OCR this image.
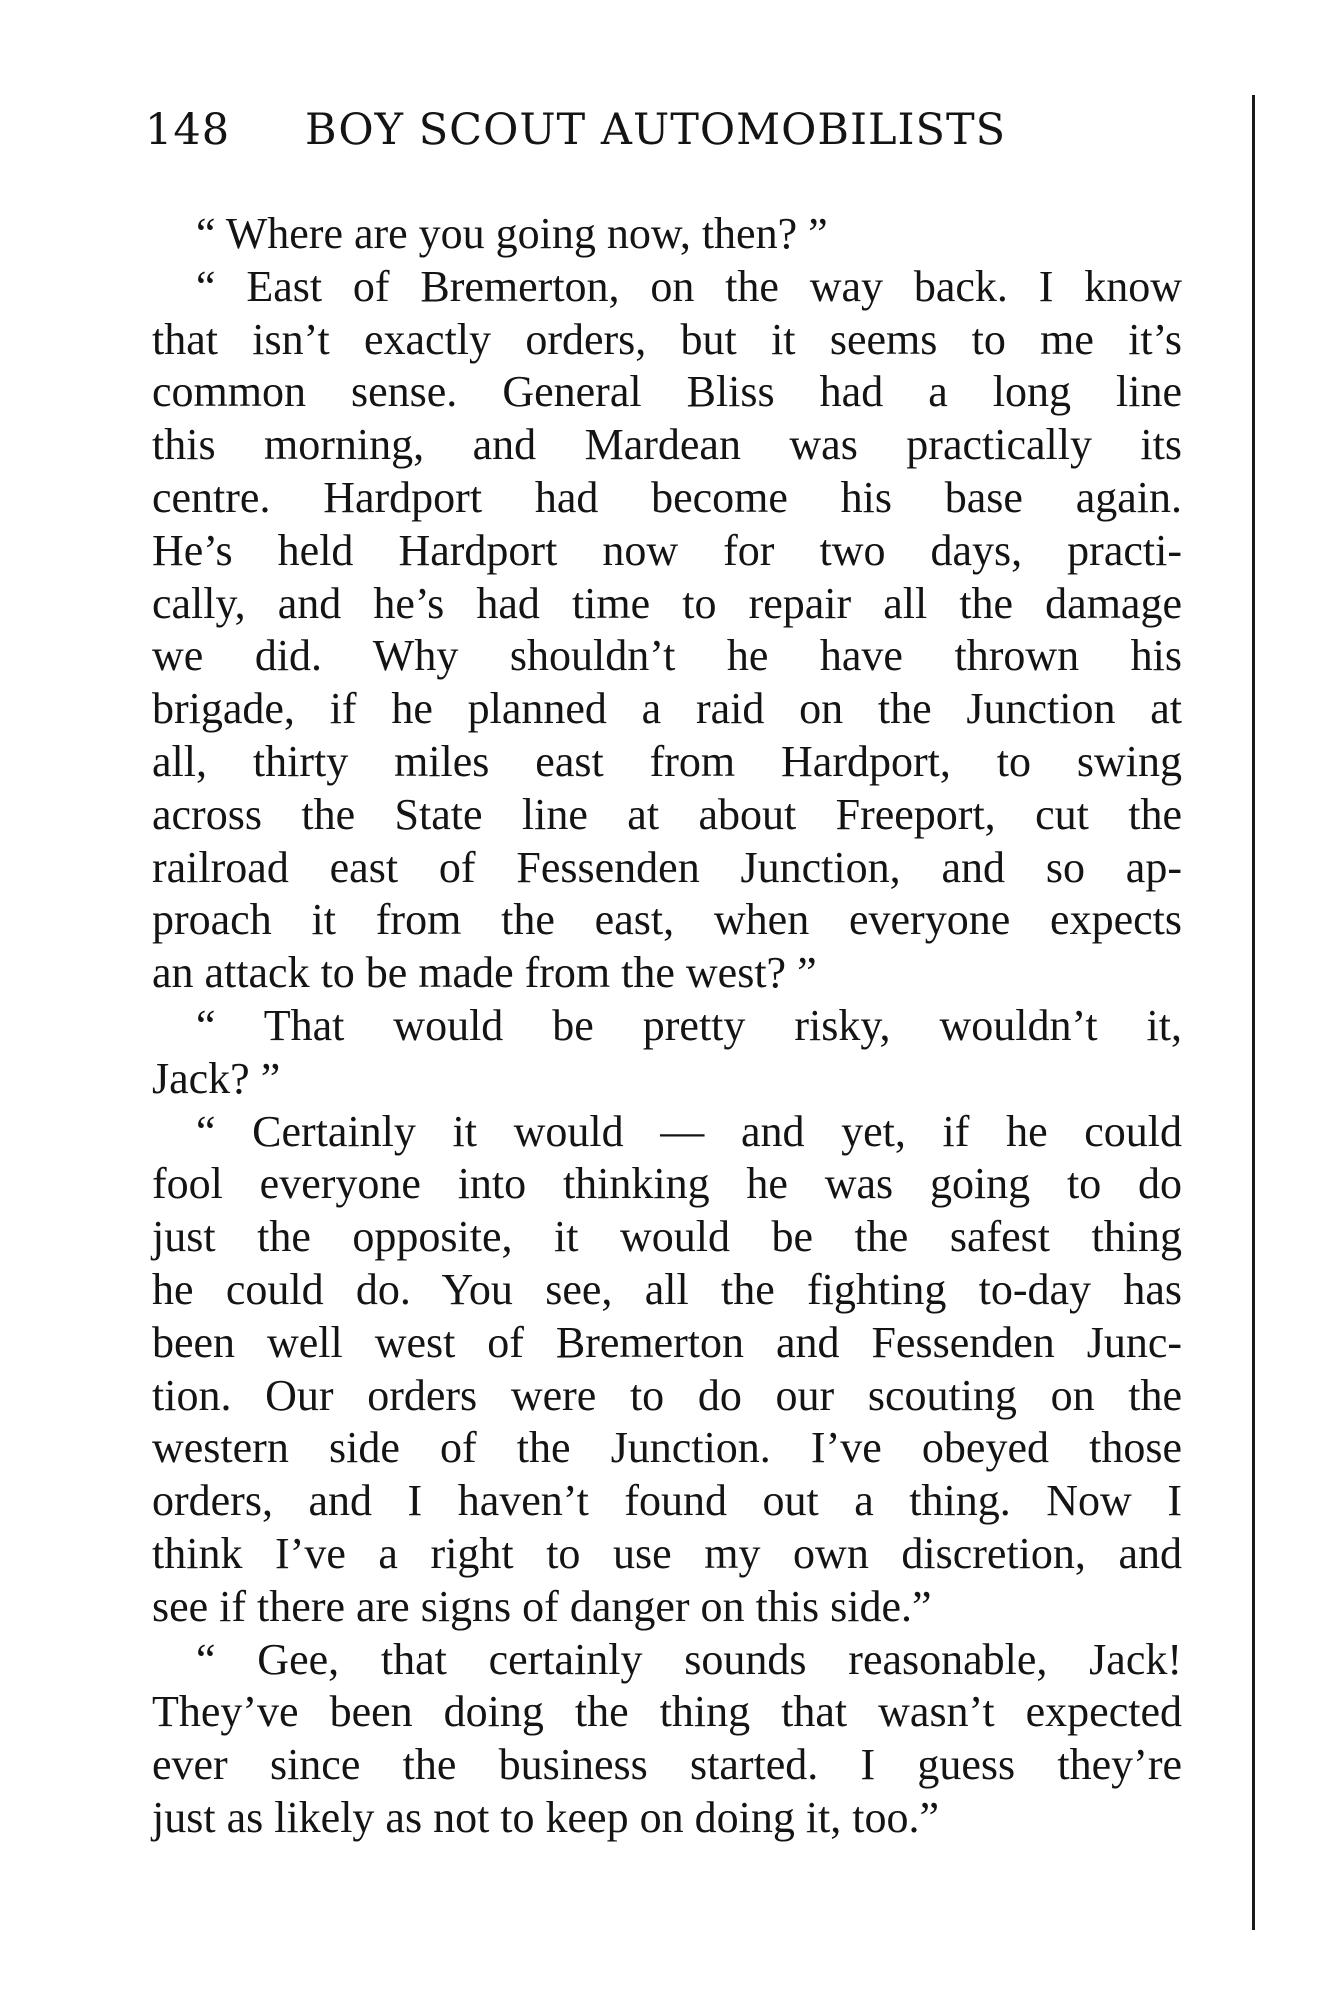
148 BOY SCOUT AUTOMOBILISTS
“ Where are you going now, then? ”
“ East of Bremerton, on the way back. I know
that isn’t exactly orders, but it seems to me it’s
common sense. General Bliss had a long line
this morning, and Mardean was practically its
centre. Hardport had become his base again.
He’s held Hardport now for two days, practi-
cally, and he’s had time to repair all the damage
we did. Why shouldn’t he have thrown his
brigade, if he planned a raid on the Junction at
all, thirty miles east from Hardport, to swing
across the State line at about Freeport, cut the
railroad east of Fessenden Junction, and so ap-
proach it from the east, when everyone expects
an attack to be made from the west? ”
“ That would be pretty risky, wouldn’t it,
Jack? ”
“ Certainly it would — and yet, if he could
fool everyone into thinking he was going to do
just the opposite, it would be the safest thing
he could do. You see, all the fighting to-day has
been well west of Bremerton and Fessenden Junc-
tion. Our orders were to do our scouting on the
western side of the Junction. I’ve obeyed those
orders, and I haven’t found out a thing. Now I
think I’ve a right to use my own discretion, and
see if there are signs of danger on this side.”
“ Gee, that certainly sounds reasonable, Jack!
They’ve been doing the thing that wasn’t expected
ever since the business started. I guess they’re
just as likely as not to keep on doing it, too.”
